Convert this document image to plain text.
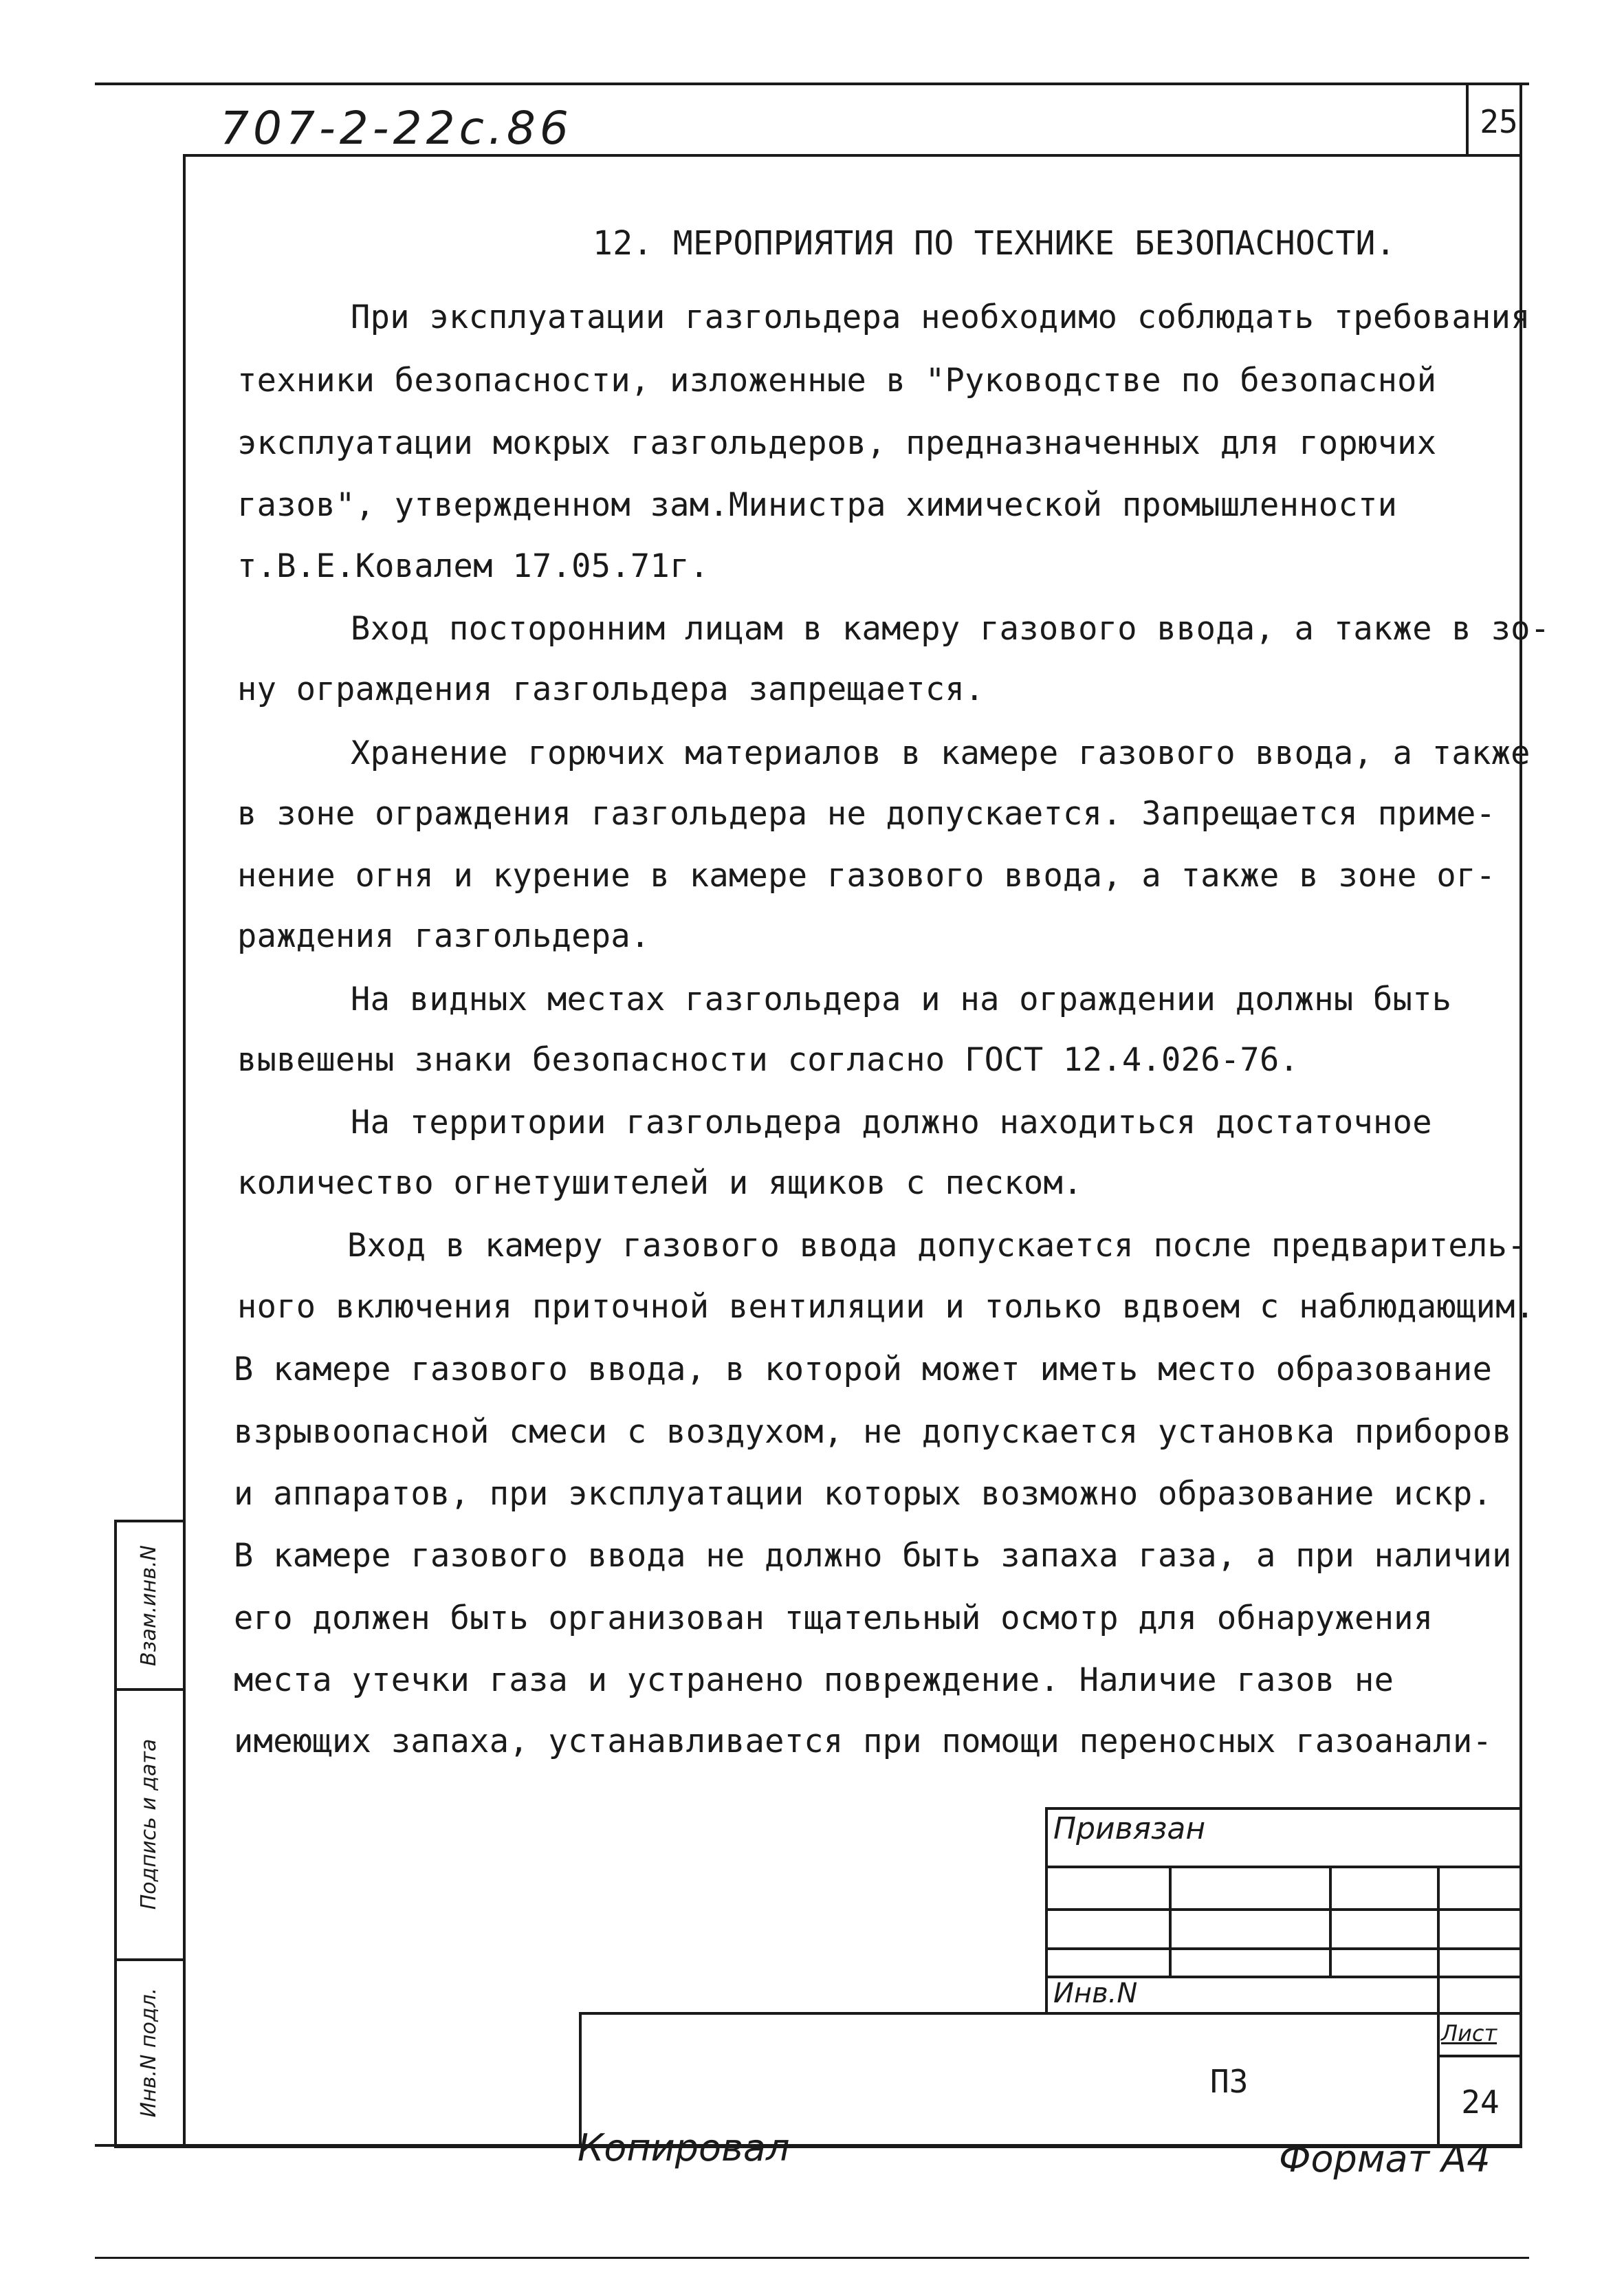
25
707-2-22с.86
Взам.инв.N
Подпись и дата
Инв.N подл.
12. МЕРОПРИЯТИЯ ПО ТЕХНИКЕ БЕЗОПАСНОСТИ.
При эксплуатации газгольдера необходимо соблюдать требования
техники безопасности, изложенные в "Руководстве по безопасной
эксплуатации мокрых газгольдеров, предназначенных для горючих
газов", утвержденном зам.Министра химической промышленности
т.В.Е.Ковалем 17.05.71г.
Вход посторонним лицам в камеру газового ввода, а также в зо-
ну ограждения газгольдера запрещается.
Хранение горючих материалов в камере газового ввода, а также
в зоне ограждения газгольдера не допускается. Запрещается приме-
нение огня и курение в камере газового ввода, а также в зоне ог-
раждения газгольдера.
На видных местах газгольдера и на ограждении должны быть
вывешены знаки безопасности согласно ГОСТ 12.4.026-76.
На территории газгольдера должно находиться достаточное
количество огнетушителей и ящиков с песком.
Вход в камеру газового ввода допускается после предваритель-
ного включения приточной вентиляции и только вдвоем с наблюдающим.
В камере газового ввода, в которой может иметь место образование
взрывоопасной смеси с воздухом, не допускается установка приборов
и аппаратов, при эксплуатации которых возможно образование искр.
В камере газового ввода не должно быть запаха газа, а при наличии
его должен быть организован тщательный осмотр для обнаружения
места утечки газа и устранено повреждение. Наличие газов не
имеющих запаха, устанавливается при помощи переносных газоанали-
Привязан
Инв.N
ПЗ
Лист
24
Копировал	Формат А4
